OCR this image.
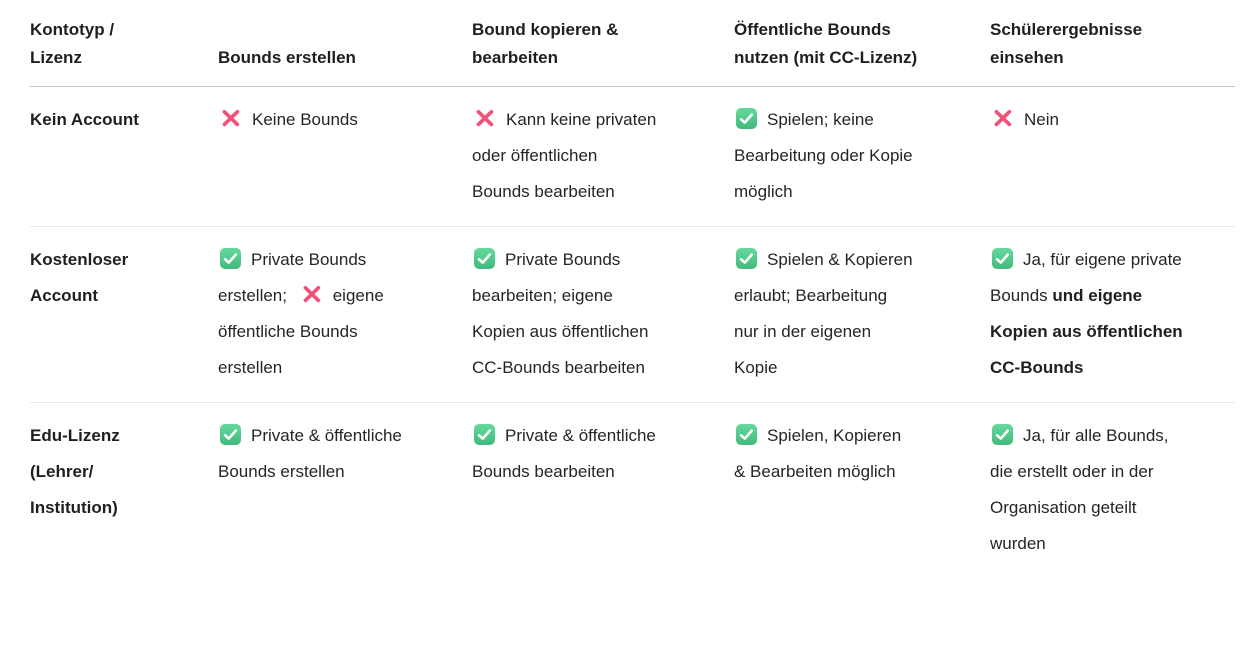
Kontotyp / Lizenz	Bounds erstellen	Bound kopieren & bearbeiten	Öffentliche Bounds nutzen (mit CC-Lizenz)	Schülerergebnisse einsehen

Kein Account	Keine Bounds	Kann keine privaten oder öffentlichen Bounds bearbeiten	Spielen; keine Bearbeitung oder Kopie möglich	Nein

Kostenloser Account	Private Bounds erstellen; eigene öffentliche Bounds erstellen	Private Bounds bearbeiten; eigene Kopien aus öffentlichen CC-Bounds bearbeiten	Spielen & Kopieren erlaubt; Bearbeitung nur in der eigenen Kopie	Ja, für eigene private Bounds und eigene Kopien aus öffentlichen CC-Bounds

Edu-Lizenz (Lehrer/ Institution)	Private & öffentliche Bounds erstellen	Private & öffentliche Bounds bearbeiten	Spielen, Kopieren & Bearbeiten möglich	Ja, für alle Bounds, die erstellt oder in der Organisation geteilt wurden
